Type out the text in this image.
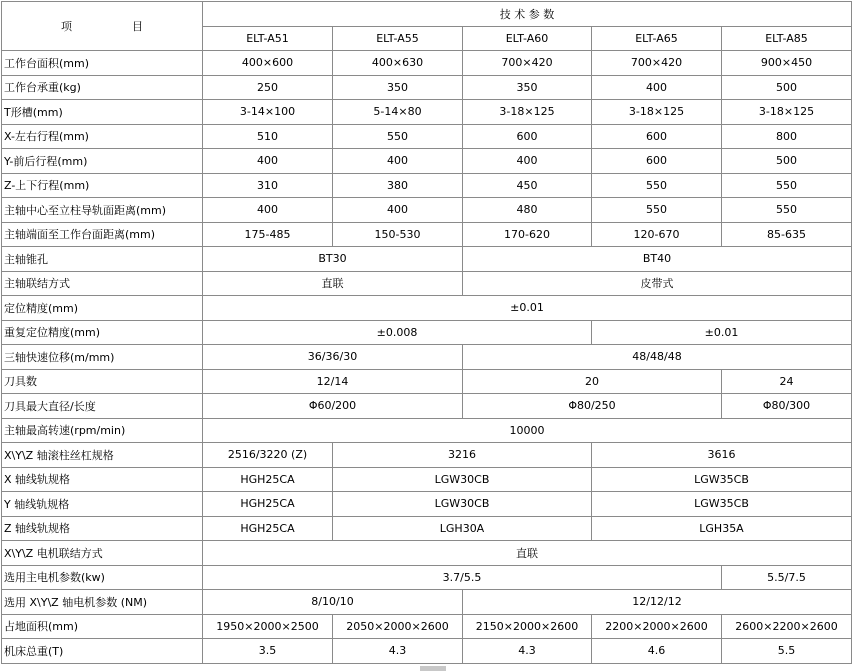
项 目	技 术 参 数				
	ELT-A51	ELT-A55	ELT-A60	ELT-A65	ELT-A85
工作台面积(mm)	400×600	400×630	700×420	700×420	900×450
工作台承重(kg)	250	350	350	400	500
T形槽(mm)	3-14×100	5-14×80	3-18×125	3-18×125	3-18×125
X-左右行程(mm)	510	550	600	600	800
Y-前后行程(mm)	400	400	400	600	500
Z-上下行程(mm)	310	380	450	550	550
主轴中心至立柱导轨面距离(mm)	400	400	480	550	550
主轴端面至工作台面距离(mm)	175-485	150-530	170-620	120-670	85-635
主轴锥孔	BT30		BT40		
主轴联结方式	直联		皮带式		
定位精度(mm)	±0.01				
重复定位精度(mm)	±0.008			±0.01	
三轴快速位移(m/mm)	36/36/30		48/48/48		
刀具数	12/14		20		24
刀具最大直径/长度	Φ60/200		Φ80/250		Φ80/300
主轴最高转速(rpm/min)	10000				
X\Y\Z 轴滚柱丝杠规格	2516/3220 (Z)	3216		3616	
X 轴线轨规格	HGH25CA	LGW30CB		LGW35CB	
Y 轴线轨规格	HGH25CA	LGW30CB		LGW35CB	
Z 轴线轨规格	HGH25CA	LGH30A		LGH35A	
X\Y\Z 电机联结方式	直联				
选用主电机参数(kw)	3.7/5.5				5.5/7.5
选用 X\Y\Z 轴电机参数 (NM)	8/10/10		12/12/12		
占地面积(mm)	1950×2000×2500	2050×2000×2600	2150×2000×2600	2200×2000×2600	2600×2200×2600
机床总重(T)	3.5	4.3	4.3	4.6	5.5
